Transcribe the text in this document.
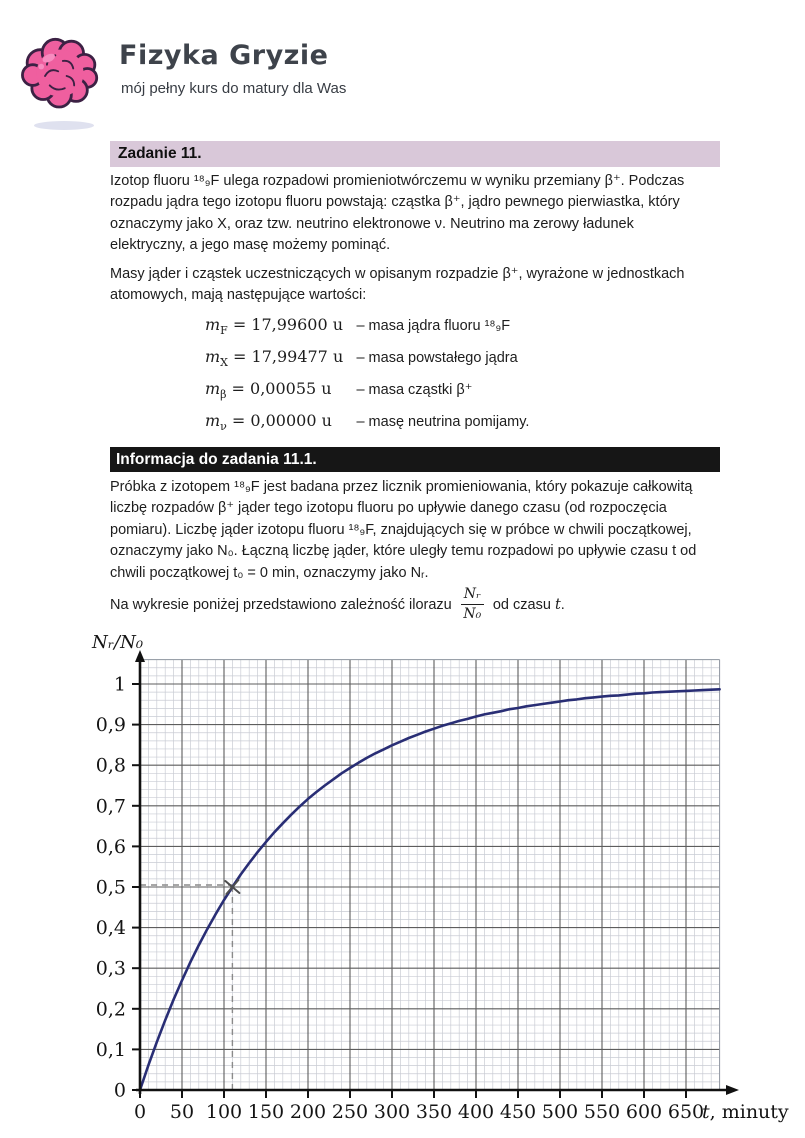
Fizyka Gryzie
mój pełny kurs do matury dla Was
Zadanie 11.
Izotop fluoru ¹⁸₉F ulega rozpadowi promieniotwórczemu w wyniku przemiany β⁺. Podczas
rozpadu jądra tego izotopu fluoru powstają: cząstka β⁺, jądro pewnego pierwiastka, który
oznaczymy jako X, oraz tzw. neutrino elektronowe ν. Neutrino ma zerowy ładunek
elektryczny, a jego masę możemy pominąć.
Masy jąder i cząstek uczestniczących w opisanym rozpadzie β⁺, wyrażone w jednostkach
atomowych, mają następujące wartości:
$m_F = 17,99600$ u – masa jądra fluoru ¹⁸₉F
$m_X = 17,99477$ u – masa powstałego jądra
$m_\beta = 0,00055$ u – masa cząstki β⁺
$m_\nu = 0,00000$ u – masę neutrina pomijamy.
Informacja do zadania 11.1.
Próbka z izotopem ¹⁸₉F jest badana przez licznik promieniowania, który pokazuje całkowitą
liczbę rozpadów β⁺ jąder tego izotopu fluoru po upływie danego czasu (od rozpoczęcia
pomiaru). Liczbę jąder izotopu fluoru ¹⁸₉F, znajdujących się w próbce w chwili początkowej,
oznaczymy jako N₀. Łączną liczbę jąder, które uległy temu rozpadowi po upływie czasu t od
chwili początkowej t₀ = 0 min, oznaczymy jako Nᵣ.
Na wykresie poniżej przedstawiono zależność ilorazu $\frac{\text{Nᵣ}}{\text{N₀}}$ od czasu t .
Nᵣ/N₀
0 50 100 150 200 250 300 350 400 450 500 550 600 650
0
0,1
0,2
0,3
0,4
0,5
0,6
0,7
0,8
0,9
1
t, minuty
